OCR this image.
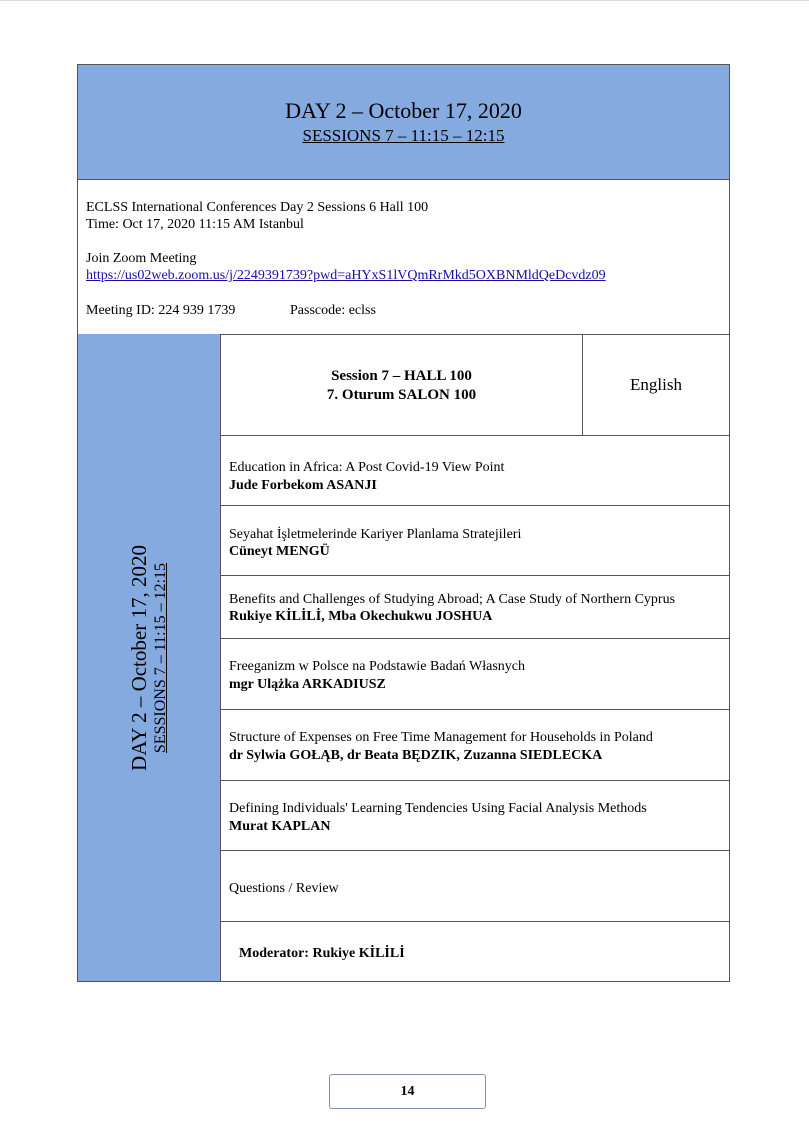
DAY 2 – October 17, 2020
SESSIONS 7 – 11:15 – 12:15
ECLSS International Conferences Day 2 Sessions 6 Hall 100
Time: Oct 17, 2020 11:15 AM Istanbul
Join Zoom Meeting
https://us02web.zoom.us/j/2249391739?pwd=aHYxS1lVQmRrMkd5OXBNMldQeDcvdz09
Meeting ID: 224 939 1739	Passcode: eclss
DAY 2 – October 17, 2020 SESSIONS 7 – 11:15 – 12:15
Session 7 – HALL 100
7. Oturum SALON 100
English
Education in Africa: A Post Covid-19 View Point
Jude Forbekom ASANJI
Seyahat İşletmelerinde Kariyer Planlama Stratejileri
Cüneyt MENGÜ
Benefits and Challenges of Studying Abroad; A Case Study of Northern Cyprus
Rukiye KİLİLİ, Mba Okechukwu JOSHUA
Freeganizm w Polsce na Podstawie Badań Własnych
mgr Ulążka ARKADIUSZ
Structure of Expenses on Free Time Management for Households in Poland
dr Sylwia GOŁĄB, dr Beata BĘDZIK, Zuzanna SIEDLECKA
Defining Individuals' Learning Tendencies Using Facial Analysis Methods
Murat KAPLAN
Questions / Review
Moderator: Rukiye KİLİLİ
14
